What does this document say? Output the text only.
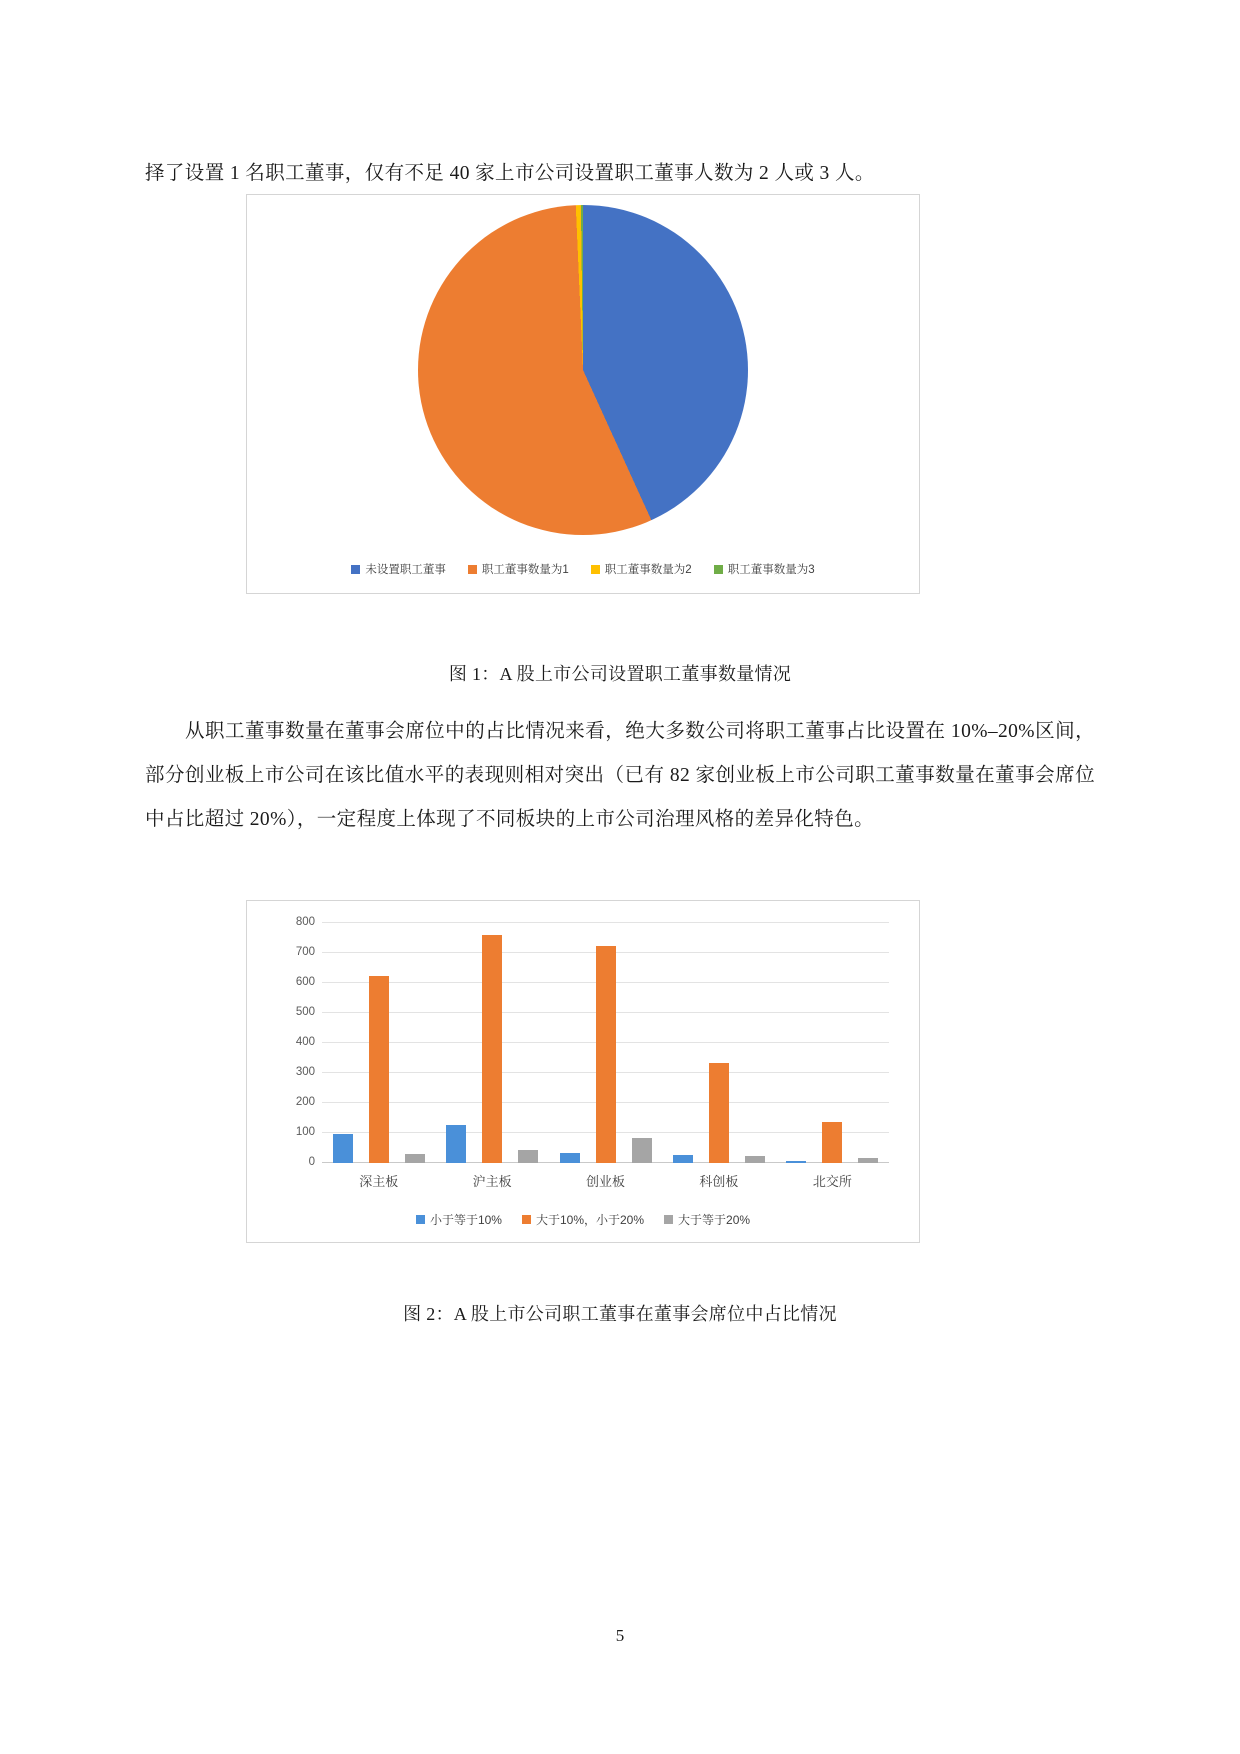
择了设置 1 名职工董事，仅有不足 40 家上市公司设置职工董事人数为 2 人或 3 人。
未设置职工董事	职工董事数量为1	职工董事数量为2	职工董事数量为3
图 1：A 股上市公司设置职工董事数量情况
从职工董事数量在董事会席位中的占比情况来看，绝大多数公司将职工董事占比设置在 10%–20%区间，部分创业板上市公司在该比值水平的表现则相对突出（已有 82 家创业板上市公司职工董事数量在董事会席位中占比超过 20%），一定程度上体现了不同板块的上市公司治理风格的差异化特色。
0
100
200
300
400
500
600
700
800
深主板	沪主板	创业板	科创板	北交所
小于等于10%	大于10%，小于20%	大于等于20%
图 2：A 股上市公司职工董事在董事会席位中占比情况
5
